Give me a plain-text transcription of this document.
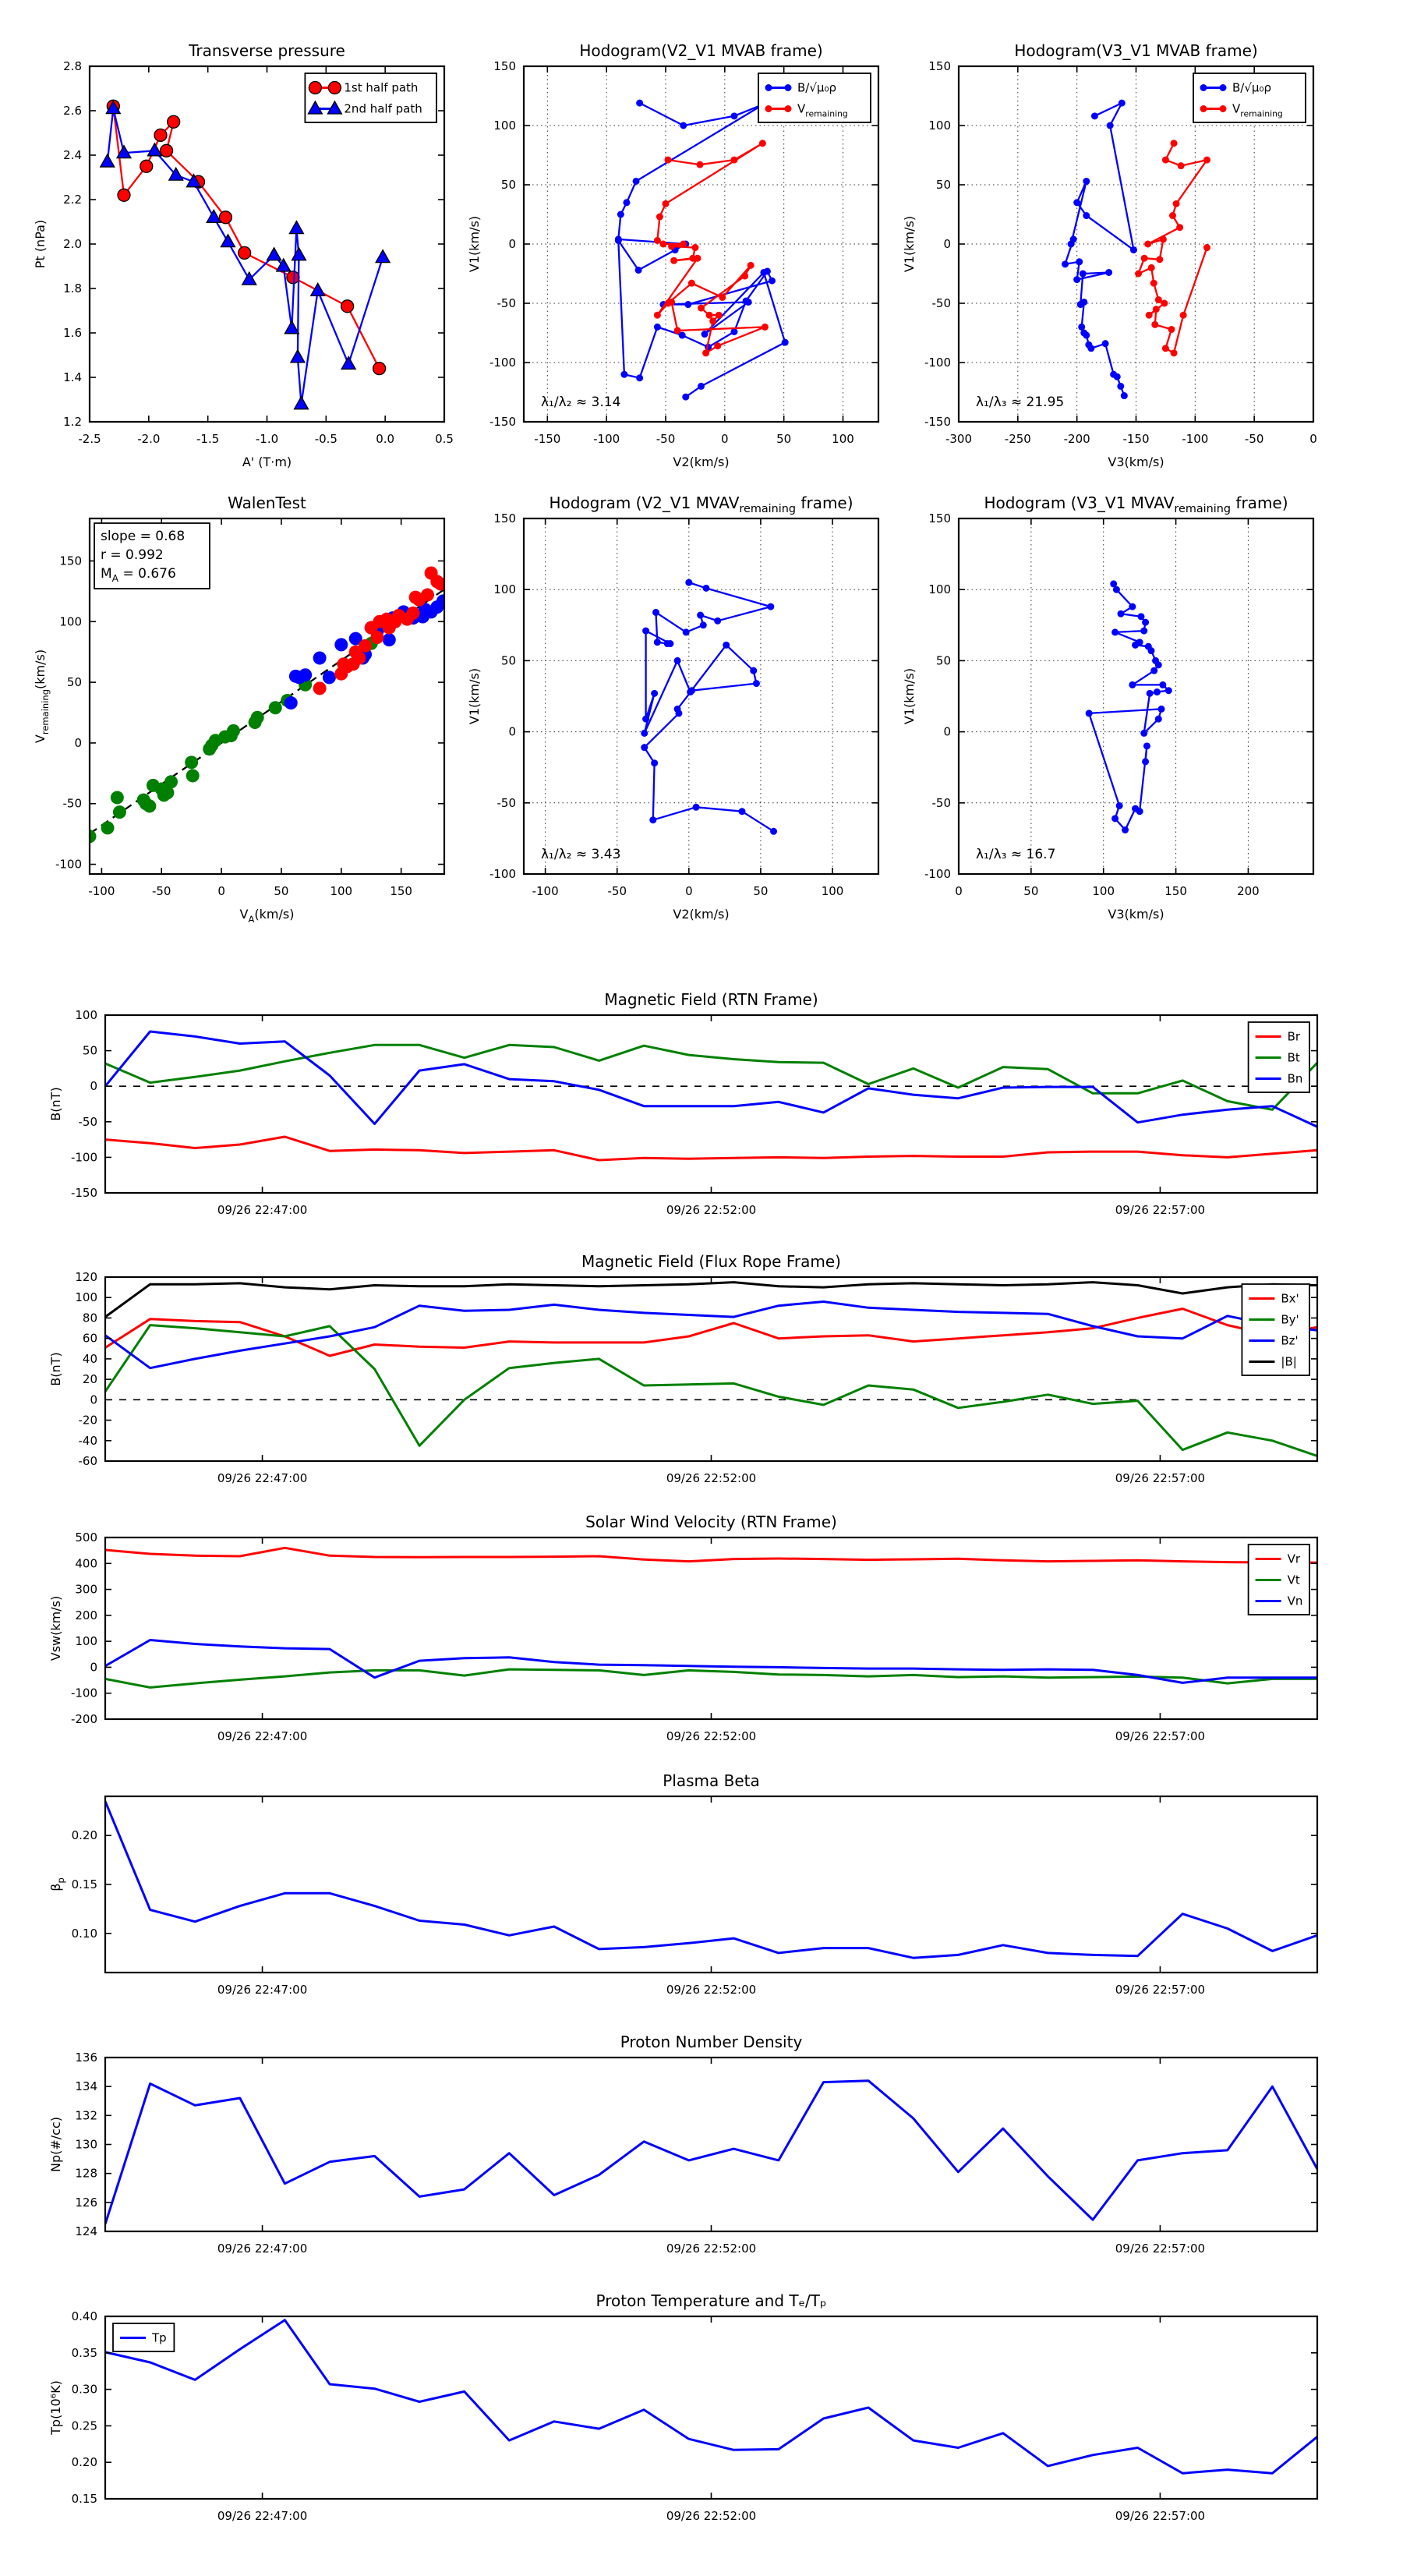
-2.5	-2.0	-1.5	-1.0	-0.5	0.0	0.5
1.2
1.4
1.6
1.8
2.0
2.2
2.4
2.6
2.8
Transverse pressure
A' (T·m)
Pt (nPa)
1st half path
2nd half path
-150	-100	-50	0	50	100
-150
-100
-50
0
50
100
150
Hodogram(V2_V1 MVAB frame)
V2(km/s)
V1(km/s)
B/√μ₀ρ
$V_{remaining}$
λ₁/λ₂ ≈ 3.14
-300	-250	-200	-150	-100	-50	0
-150
-100
-50
0
50
100
150
Hodogram(V3_V1 MVAB frame)
V3(km/s)
V1(km/s)
B/√μ₀ρ
$V_{remaining}$
λ₁/λ₃ ≈ 21.95
-100	-50	0	50	100	150
-100
-50
0
50
100
150
WalenTest
$V_A(km/s)$
$V_{remaining}(km/s)$
slope = 0.68
r = 0.992
$M_A = 0.676$
-100	-50	0	50	100
-100
-50
0
50
100
150
Hodogram (V2_V1 $MVAV_{remaining}$ frame)
V2(km/s)
V1(km/s)
λ₁/λ₂ ≈ 3.43
0	50	100	150	200
-100
-50
0
50
100
150
Hodogram (V3_V1 $MVAV_{remaining}$ frame)
V3(km/s)
V1(km/s)
λ₁/λ₃ ≈ 16.7
09/26 22:47:00	09/26 22:52:00	09/26 22:57:00
-150
-100
-50
0
50
100
Magnetic Field (RTN Frame)
B(nT)
Br
Bt
Bn
09/26 22:47:00	09/26 22:52:00	09/26 22:57:00
-60
-40
-20
0
20
40
60
80
100
120
Magnetic Field (Flux Rope Frame)
B(nT)
Bx'
By'
Bz'
|B|
09/26 22:47:00	09/26 22:52:00	09/26 22:57:00
-200
-100
0
100
200
300
400
500
Solar Wind Velocity (RTN Frame)
Vsw(km/s)
Vr
Vt
Vn
09/26 22:47:00	09/26 22:52:00	09/26 22:57:00
0.10
0.15
0.20
Plasma Beta
$\beta_p$
09/26 22:47:00	09/26 22:52:00	09/26 22:57:00
124
126
128
130
132
134
136
Proton Number Density
Np(#/cc)
09/26 22:47:00	09/26 22:52:00	09/26 22:57:00
0.15
0.20
0.25
0.30
0.35
0.40
Proton Temperature and Tₑ/Tₚ
Tp(10⁶K)
Tp
